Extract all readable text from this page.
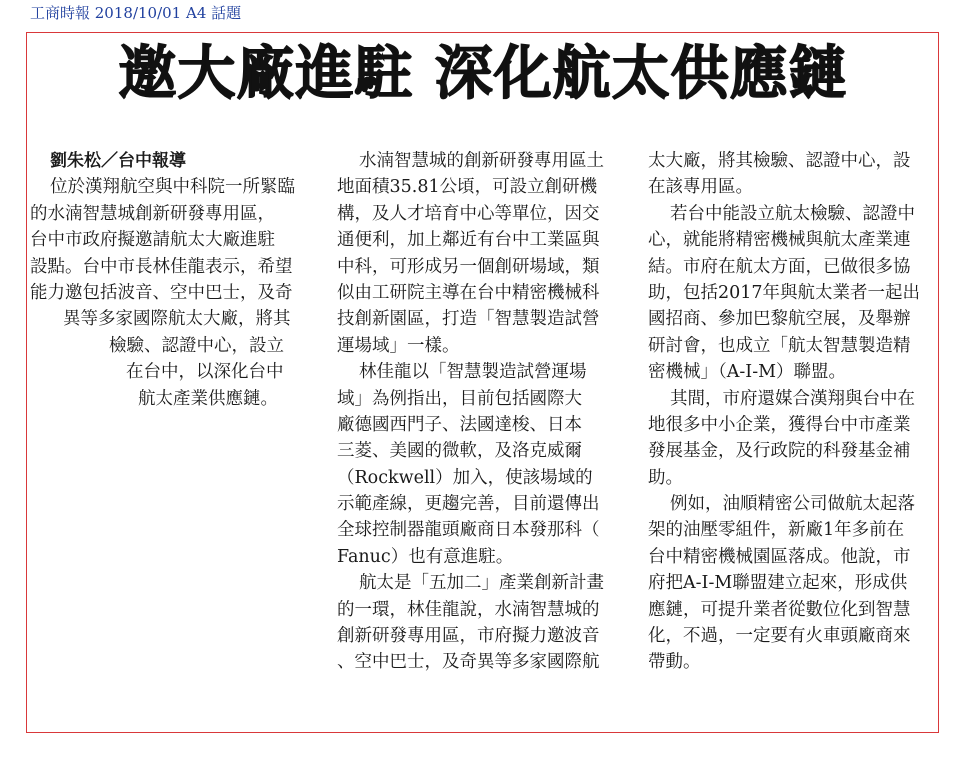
工商時報 2018/10/01 A4 話題
邀大廠進駐 深化航太供應鏈
劉朱松／台中報導
位於漢翔航空與中科院一所緊臨
的水湳智慧城創新研發專用區，
台中市政府擬邀請航太大廠進駐
設點。台中市長林佳龍表示，希望
能力邀包括波音、空中巴士，及奇
異等多家國際航太大廠，將其
檢驗、認證中心，設立
在台中，以深化台中
航太產業供應鏈。
水湳智慧城的創新研發專用區土
地面積35.81公頃，可設立創研機
構，及人才培育中心等單位，因交
通便利，加上鄰近有台中工業區與
中科，可形成另一個創研場域，類
似由工研院主導在台中精密機械科
技創新園區，打造「智慧製造試營
運場域」一樣。
林佳龍以「智慧製造試營運場
域」為例指出，目前包括國際大
廠德國西門子、法國達梭、日本
三菱、美國的微軟，及洛克威爾
（Rockwell）加入，使該場域的
示範產線，更趨完善，目前還傳出
全球控制器龍頭廠商日本發那科（
Fanuc）也有意進駐。
航太是「五加二」產業創新計畫
的一環，林佳龍說，水湳智慧城的
創新研發專用區，市府擬力邀波音
、空中巴士，及奇異等多家國際航
太大廠，將其檢驗、認證中心，設
在該專用區。
若台中能設立航太檢驗、認證中
心，就能將精密機械與航太產業連
結。市府在航太方面，已做很多協
助，包括2017年與航太業者一起出
國招商、參加巴黎航空展，及舉辦
研討會，也成立「航太智慧製造精
密機械」（A-I-M）聯盟。
其間，市府還媒合漢翔與台中在
地很多中小企業，獲得台中市產業
發展基金，及行政院的科發基金補
助。
例如，油順精密公司做航太起落
架的油壓零組件，新廠1年多前在
台中精密機械園區落成。他說，市
府把A-I-M聯盟建立起來，形成供
應鏈，可提升業者從數位化到智慧
化，不過，一定要有火車頭廠商來
帶動。
